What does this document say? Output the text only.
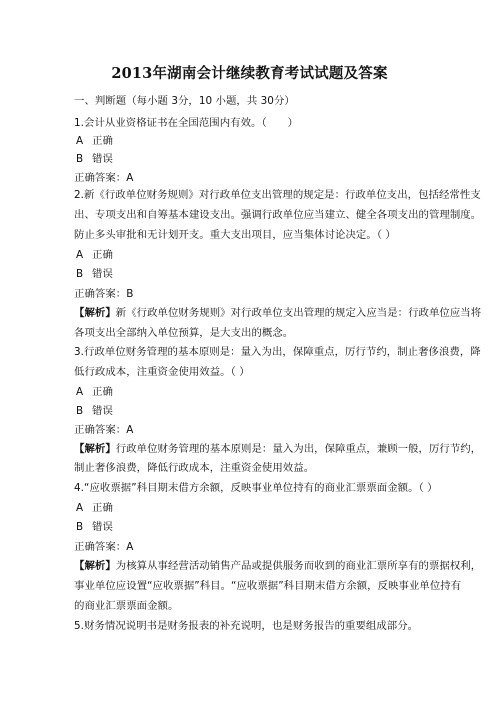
2013年湖南会计继续教育考试试题及答案
一、判断题（每小题 3分，10 小题，共 30分）
1.会计从业资格证书在全国范围内有效。（　　）
A 正确
B 错误
正确答案：A
2.新《行政单位财务规则》对行政单位支出管理的规定是：行政单位支出，包括经常性支
出、专项支出和自筹基本建设支出。强调行政单位应当建立、健全各项支出的管理制度。
防止多头审批和无计划开支。重大支出项目，应当集体讨论决定。（ ）
A 正确
B 错误
正确答案：B
【解析】新《行政单位财务规则》对行政单位支出管理的规定入应当是：行政单位应当将
各项支出全部纳入单位预算，是大支出的概念。
3.行政单位财务管理的基本原则是：量入为出，保障重点，厉行节约，制止奢侈浪费，降
低行政成本，注重资金使用效益。（ ）
A 正确
B 错误
正确答案：A
【解析】行政单位财务管理的基本原则是：量入为出，保障重点，兼顾一般，厉行节约，
制止奢侈浪费，降低行政成本，注重资金使用效益。
4.“应收票据”科目期末借方余额，反映事业单位持有的商业汇票票面金额。（ ）
A 正确
B 错误
正确答案：A
【解析】为核算从事经营活动销售产品或提供服务而收到的商业汇票所享有的票据权利，
事业单位应设置“应收票据”科目。“应收票据”科目期末借方余额，反映事业单位持有
的商业汇票票面金额。
5.财务情况说明书是财务报表的补充说明，也是财务报告的重要组成部分。
